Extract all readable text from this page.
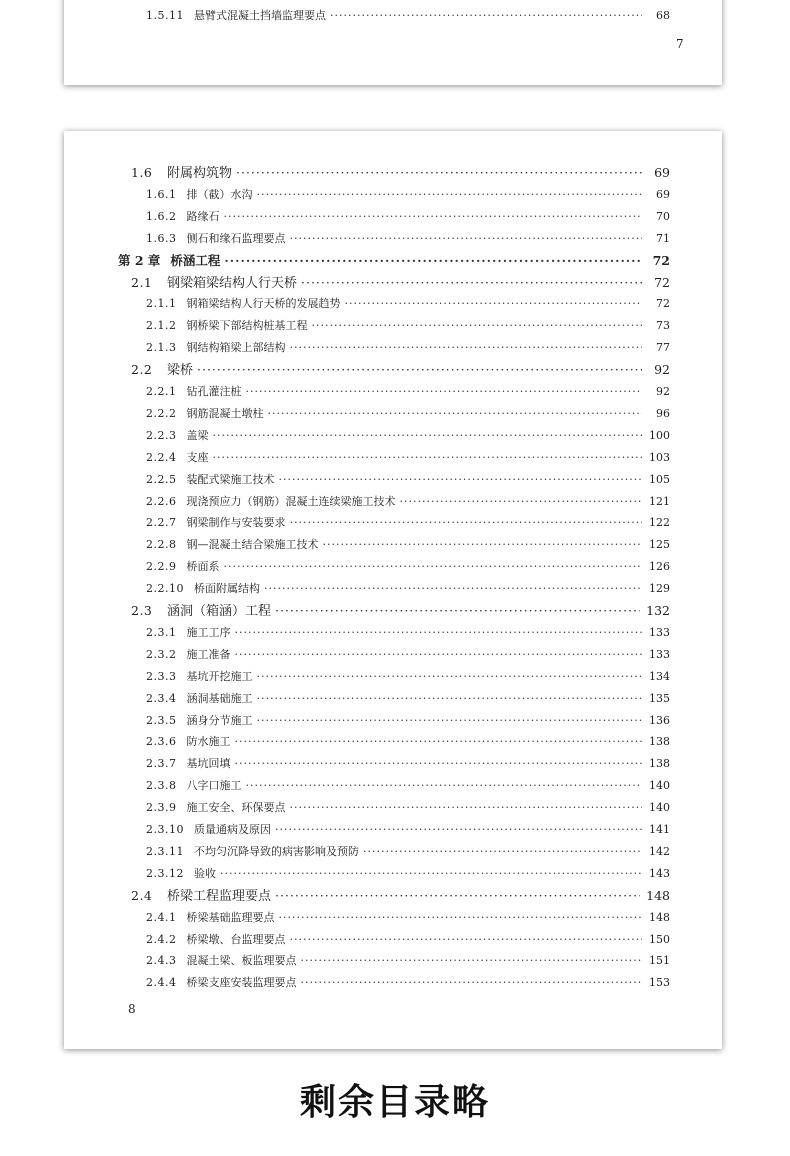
1.5.11 悬臂式混凝土挡墙监理要点 ·····	68
7
1.6	附属构筑物 ·····	69
1.6.1 排（截）水沟 ·····	69
1.6.2 路缘石 ·····	70
1.6.3 侧石和缘石监理要点 ·····	71
第 2 章 桥涵工程 ·····	72
2.1	钢梁箱梁结构人行天桥 ·····	72
2.1.1 钢箱梁结构人行天桥的发展趋势 ·····	72
2.1.2 钢桥梁下部结构桩基工程 ·····	73
2.1.3 钢结构箱梁上部结构 ·····	77
2.2	梁桥 ·····	92
2.2.1 钻孔灌注桩 ·····	92
2.2.2 钢筋混凝土墩柱 ·····	96
2.2.3 盖梁 ·····	100
2.2.4 支座 ·····	103
2.2.5 装配式梁施工技术 ·····	105
2.2.6 现浇预应力（钢筋）混凝土连续梁施工技术 ·····	121
2.2.7 钢梁制作与安装要求 ·····	122
2.2.8 钢—混凝土结合梁施工技术 ·····	125
2.2.9 桥面系 ·····	126
2.2.10 桥面附属结构 ·····	129
2.3	涵洞（箱涵）工程 ·····	132
2.3.1 施工工序 ·····	133
2.3.2 施工准备 ·····	133
2.3.3 基坑开挖施工 ·····	134
2.3.4 涵洞基础施工 ·····	135
2.3.5 涵身分节施工 ·····	136
2.3.6 防水施工 ·····	138
2.3.7 基坑回填 ·····	138
2.3.8 八字口施工 ·····	140
2.3.9 施工安全、环保要点 ·····	140
2.3.10 质量通病及原因 ·····	141
2.3.11 不均匀沉降导致的病害影响及预防 ·····	142
2.3.12 验收 ·····	143
2.4	桥梁工程监理要点 ·····	148
2.4.1 桥梁基础监理要点 ·····	148
2.4.2 桥梁墩、台监理要点 ·····	150
2.4.3 混凝土梁、板监理要点 ·····	151
2.4.4 桥梁支座安装监理要点 ·····	153
8
剩余目录略
